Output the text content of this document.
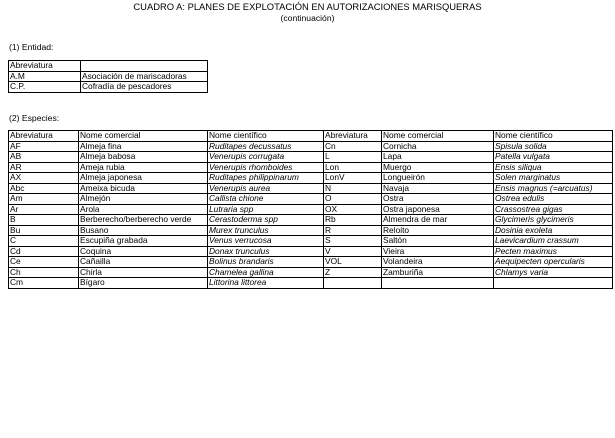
CUADRO A: PLANES DE EXPLOTACIÓN EN AUTORIZACIONES MARISQUERAS
(continuación)
(1) Entidad:
Abreviatura	
A.M	Asociación de mariscadoras
C.P.	Cofradía de pescadores
(2) Especies:
Abreviatura	Nome comercial	Nome científico	Abreviatura	Nome comercial	Nome científico
AF	Almeja fina	Ruditapes decussatus	Cn	Cornicha	Spisula solida
AB	Almeja babosa	Venerupis corrugata	L	Lapa	Patella vulgata
AR	Ameja rubia	Venerupis rhomboides	Lon	Muergo	Ensis siliqua
AX	Almeja japonesa	Ruditapes philippinarum	LonV	Longueirón	Solen marginatus
Abc	Ameixa bicuda	Venerupis aurea	N	Navaja	Ensis magnus (=arcuatus)
Am	Almejón	Callista chione	O	Ostra	Ostrea edulis
Ar	Arola	Lutraria spp	OX	Ostra japonesa	Crassostrea gigas
B	Berberecho/berberecho verde	Cerastoderma spp	Rb	Almendra de mar	Glycimeris glycimeris
Bu	Busano	Murex trunculus	R	Reloito	Dosinia exoleta
C	Escupiña grabada	Venus verrucosa	S	Saltón	Laevicardium crassum
Cd	Coquina	Donax trunculus	V	Vieira	Pecten maximus
Ce	Cañailla	Bolinus brandaris	VOL	Volandeira	Aequipecten opercularis
Ch	Chirla	Chamelea gallina	Z	Zamburiña	Chlamys varia
Cm	Bígaro	Littorina littorea			
